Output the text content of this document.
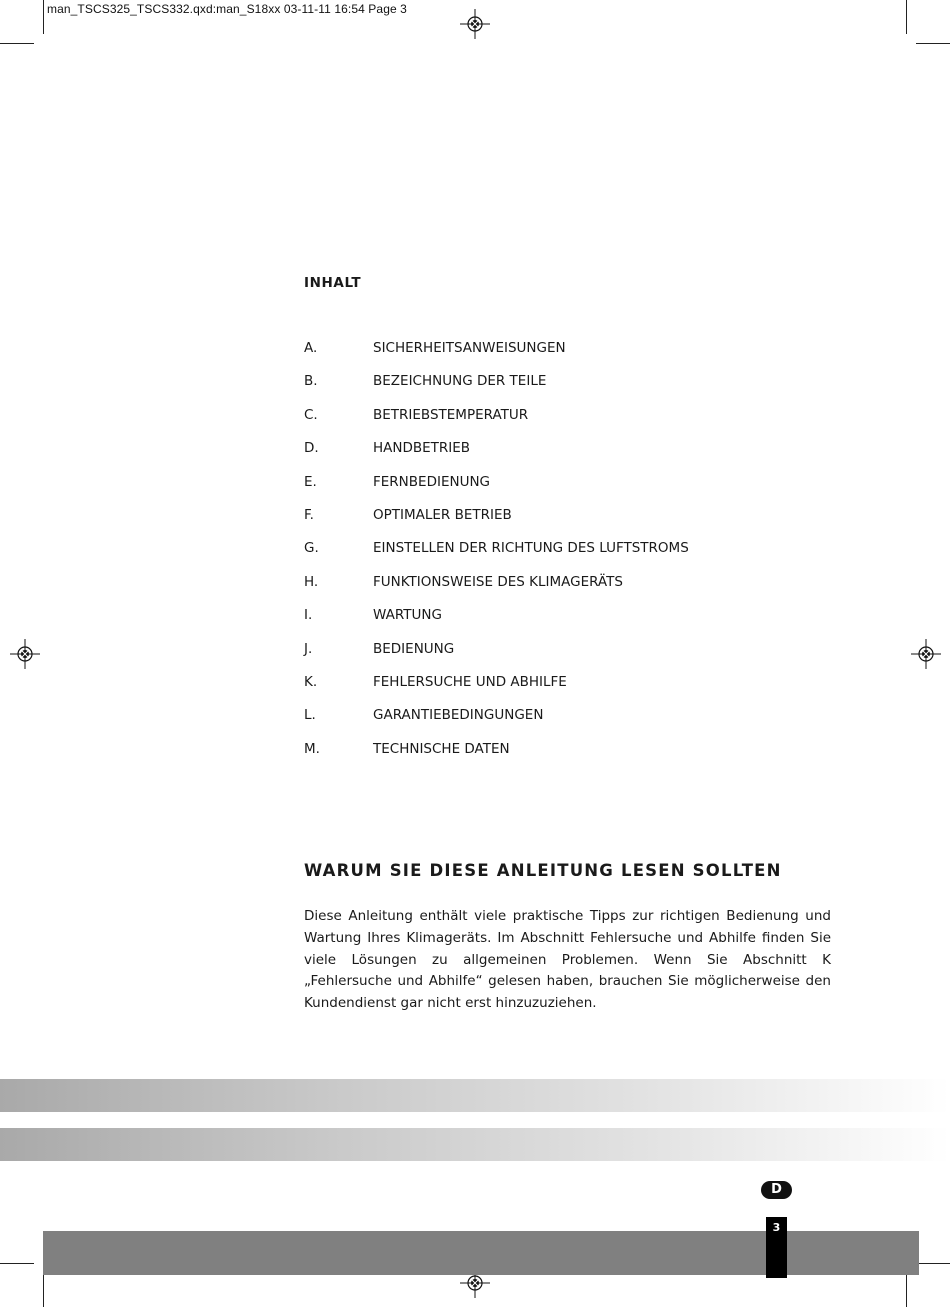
man_TSCS325_TSCS332.qxd:man_S18xx 03-11-11 16:54 Page 3
INHALT
A.	SICHERHEITSANWEISUNGEN
B.	BEZEICHNUNG DER TEILE
C.	BETRIEBSTEMPERATUR
D.	HANDBETRIEB
E.	FERNBEDIENUNG
F.	OPTIMALER BETRIEB
G.	EINSTELLEN DER RICHTUNG DES LUFTSTROMS
H.	FUNKTIONSWEISE DES KLIMAGERÄTS
I.	WARTUNG
J.	BEDIENUNG
K.	FEHLERSUCHE UND ABHILFE
L.	GARANTIEBEDINGUNGEN
M.	TECHNISCHE DATEN
WARUM SIE DIESE ANLEITUNG LESEN SOLLTEN
Diese Anleitung enthält viele praktische Tipps zur richtigen Bedienung und Wartung Ihres Klimageräts. Im Abschnitt Fehlersuche und Abhilfe finden Sie viele Lösungen zu allgemeinen Problemen. Wenn Sie Abschnitt K „Fehlersuche und Abhilfe“ gelesen haben, brauchen Sie möglicherweise den Kundendienst gar nicht erst hinzuzuziehen.
D
3
